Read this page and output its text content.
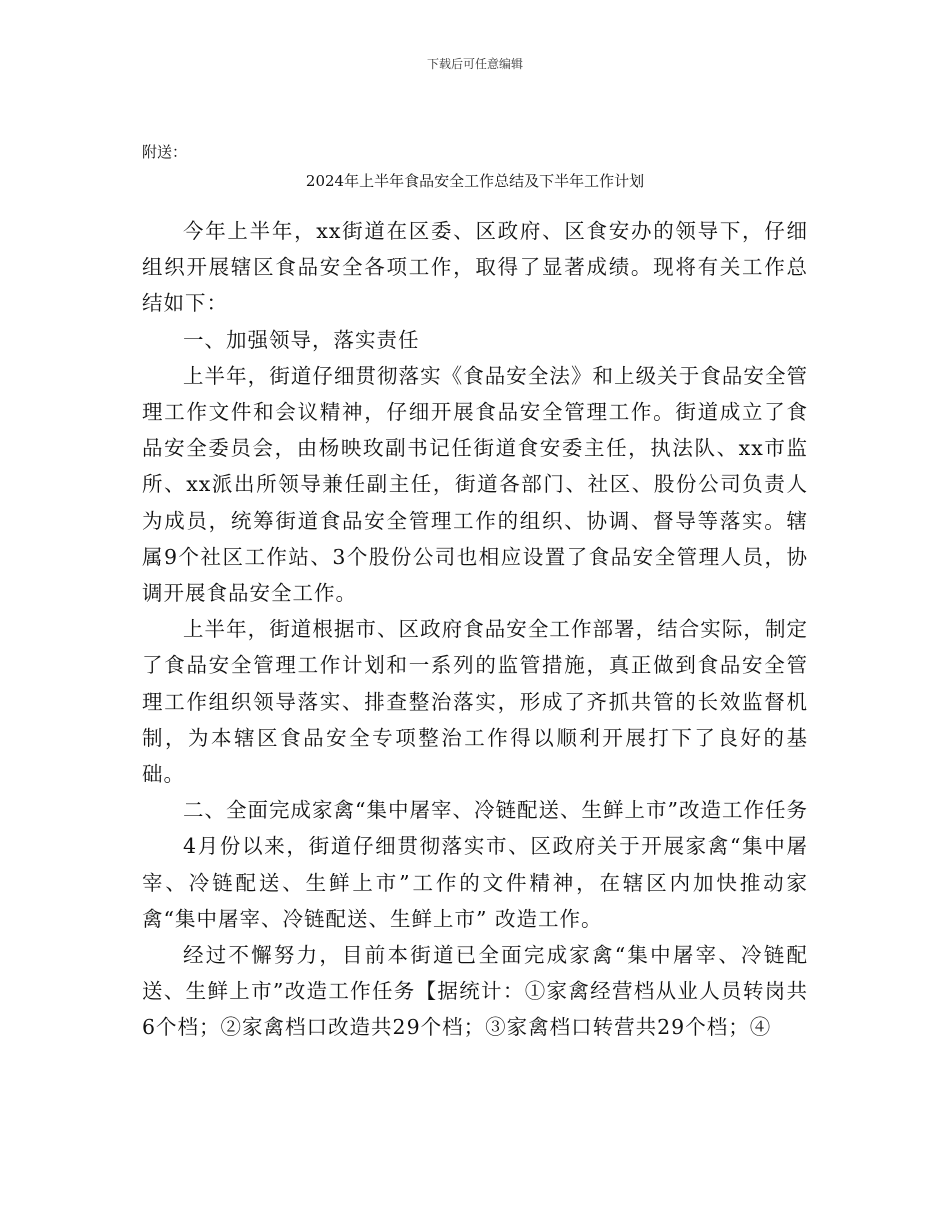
下载后可任意编辑
附送：
2024年上半年食品安全工作总结及下半年工作计划

今年上半年，xx街道在区委、区政府、区食安办的领导下，仔细组织开展辖区食品安全各项工作，取得了显著成绩。现将有关工作总结如下：

一、加强领导，落实责任

上半年，街道仔细贯彻落实《食品安全法》和上级关于食品安全管理工作文件和会议精神，仔细开展食品安全管理工作。街道成立了食品安全委员会，由杨映玫副书记任街道食安委主任，执法队、xx市监所、xx派出所领导兼任副主任，街道各部门、社区、股份公司负责人为成员，统筹街道食品安全管理工作的组织、协调、督导等落实。辖属9个社区工作站、3个股份公司也相应设置了食品安全管理人员，协调开展食品安全工作。

上半年，街道根据市、区政府食品安全工作部署，结合实际，制定了食品安全管理工作计划和一系列的监管措施，真正做到食品安全管理工作组织领导落实、排查整治落实，形成了齐抓共管的长效监督机制，为本辖区食品安全专项整治工作得以顺利开展打下了良好的基础。

二、全面完成家禽“集中屠宰、冷链配送、生鲜上市”改造工作任务

4月份以来，街道仔细贯彻落实市、区政府关于开展家禽“集中屠宰、冷链配送、生鲜上市”工作的文件精神，在辖区内加快推动家禽“集中屠宰、冷链配送、生鲜上市” 改造工作。

经过不懈努力，目前本街道已全面完成家禽“集中屠宰、冷链配送、生鲜上市”改造工作任务【据统计：①家禽经营档从业人员转岗共6个档；②家禽档口改造共29个档；③家禽档口转营共29个档；④
